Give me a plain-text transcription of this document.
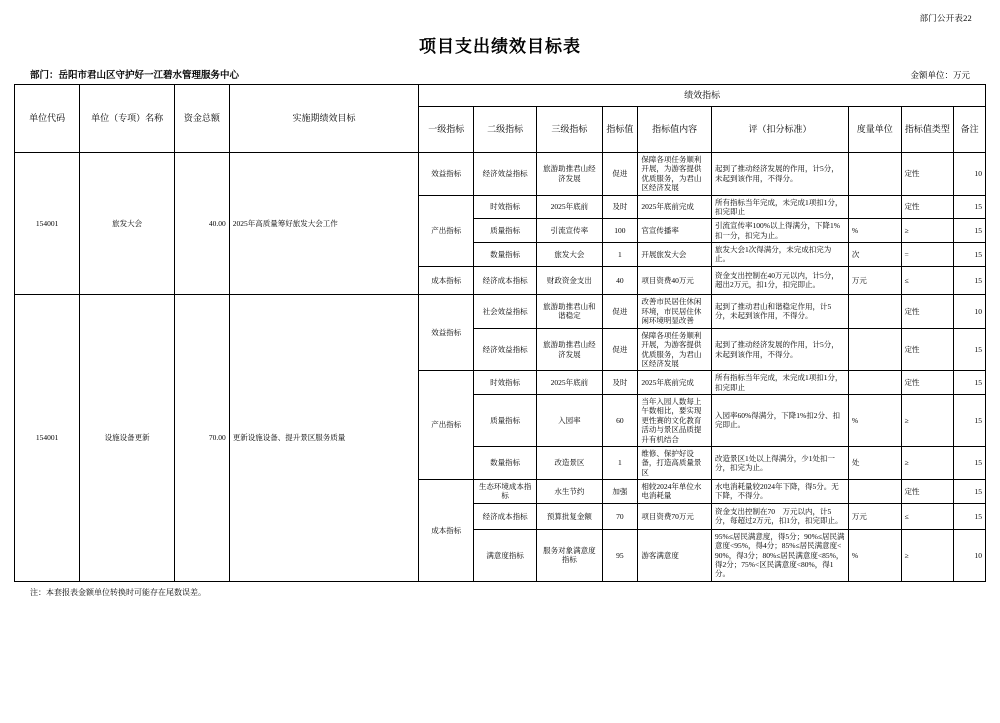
部门公开表22
项目支出绩效目标表
部门：岳阳市君山区守护好一江碧水管理服务中心	金额单位：万元
单位代码	单位（专项）名称	资金总额	实施期绩效目标	绩效指标								
				一级指标	二级指标	三级指标	指标值	指标值内容	评（扣分标准）	度量单位	指标值类型	备注
154001	旅发大会	40.00	2025年高质量筹好旅发大会工作	效益指标	经济效益指标	旅游助推君山经济发展	促进	保障各项任务顺利开展，为游客提供优质服务，为君山区经济发展	起到了推动经济发展的作用，计5分，未起到该作用，不得分。		定性	10
				产出指标	时效指标	2025年底前	及时	2025年底前完成	所有指标当年完成，未完成1项扣1分，扣完即止		定性	15
					质量指标	引流宣传率	100	官宣传播率	引流宣传率100%以上得满分，下降1%扣一分，扣完为止。	%	≥	15
					数量指标	旅发大会	1	开展旅发大会	旅发大会1次得满分，未完成扣完为止。	次	=	15
				成本指标	经济成本指标	财政资金支出	40	项目资费40万元	资金支出控制在40万元以内，计5分，超出2万元，扣1分，扣完即止。	万元	≤	15
154001	设施设备更新	70.00	更新设施设备、提升景区服务质量	效益指标	社会效益指标	旅游助推君山和谐稳定	促进	改善市民居住休闲环境，市民居住休闲环境明显改善	起到了推动君山和谐稳定作用，计5分，未起到该作用，不得分。		定性	10
					经济效益指标	旅游助推君山经济发展	促进	保障各项任务顺利开展，为游客提供优质服务，为君山区经济发展	起到了推动经济发展的作用，计5分，未起到该作用，不得分。		定性	15
				产出指标	时效指标	2025年底前	及时	2025年底前完成	所有指标当年完成，未完成1项扣1分，扣完即止		定性	15
					质量指标	入园率	60	当年入园人数每上午数相比，要实现更性赛的文化教育活动与景区品质提升有机结合	入园率60%得满分，下降1%扣2分、扣完即止。	%	≥	15
					数量指标	改造景区	1	维修、保护好设备，打造高质量景区	改造景区1处以上得满分，少1处扣一分，扣完为止。	处	≥	15
				成本指标	生态环境成本指标	水生节约	加强	相较2024年单位水电消耗量	水电消耗量较2024年下降，得5分。无下降，不得分。		定性	15
					经济成本指标	预算批复金额	70	项目资费70万元	资金支出控制在70　万元以内，计5分，每超过2万元，扣1分，扣完即止。	万元	≤	15
					满意度指标	服务对象满意度指标	95	游客满意度	95%≤居民满意度，得5分；90%≤居民满意度<95%，得4分；85%≤居民满意度<90%，得3分；80%≤居民满意度<85%，得2分；75%<区民满意度<80%，得1分。	%	≥	10
注：本套报表金额单位转换时可能存在尾数误差。
